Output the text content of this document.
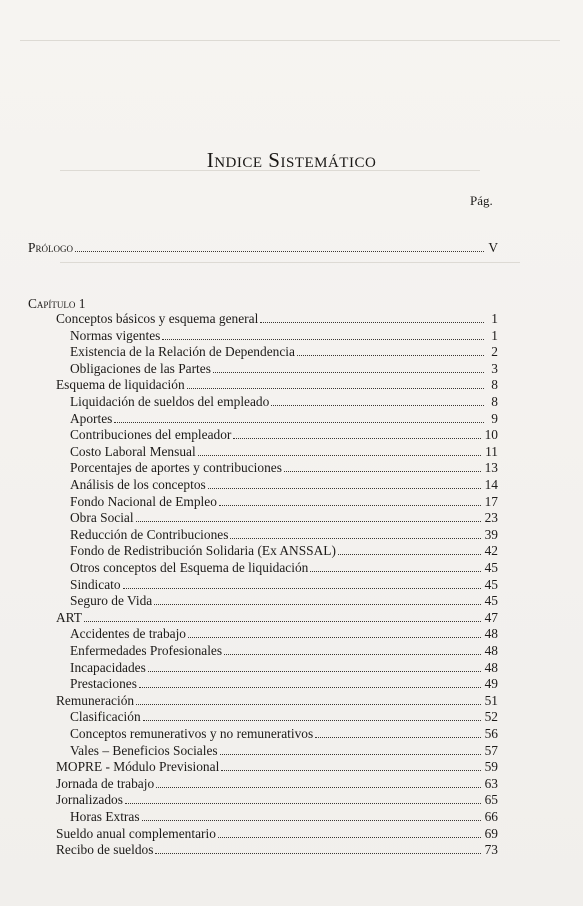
Indice Sistemático
Pág.
Prólogo	V
Capítulo 1
Conceptos básicos y esquema general	1
Normas vigentes	1
Existencia de la Relación de Dependencia	2
Obligaciones de las Partes	3
Esquema de liquidación	8
Liquidación de sueldos del empleado	8
Aportes	9
Contribuciones del empleador	10
Costo Laboral Mensual	11
Porcentajes de aportes y contribuciones	13
Análisis de los conceptos	14
Fondo Nacional de Empleo	17
Obra Social	23
Reducción de Contribuciones	39
Fondo de Redistribución Solidaria (Ex ANSSAL)	42
Otros conceptos del Esquema de liquidación	45
Sindicato	45
Seguro de Vida	45
ART	47
Accidentes de trabajo	48
Enfermedades Profesionales	48
Incapacidades	48
Prestaciones	49
Remuneración	51
Clasificación	52
Conceptos remunerativos y no remunerativos	56
Vales – Beneficios Sociales	57
MOPRE - Módulo Previsional	59
Jornada de trabajo	63
Jornalizados	65
Horas Extras	66
Sueldo anual complementario	69
Recibo de sueldos	73
